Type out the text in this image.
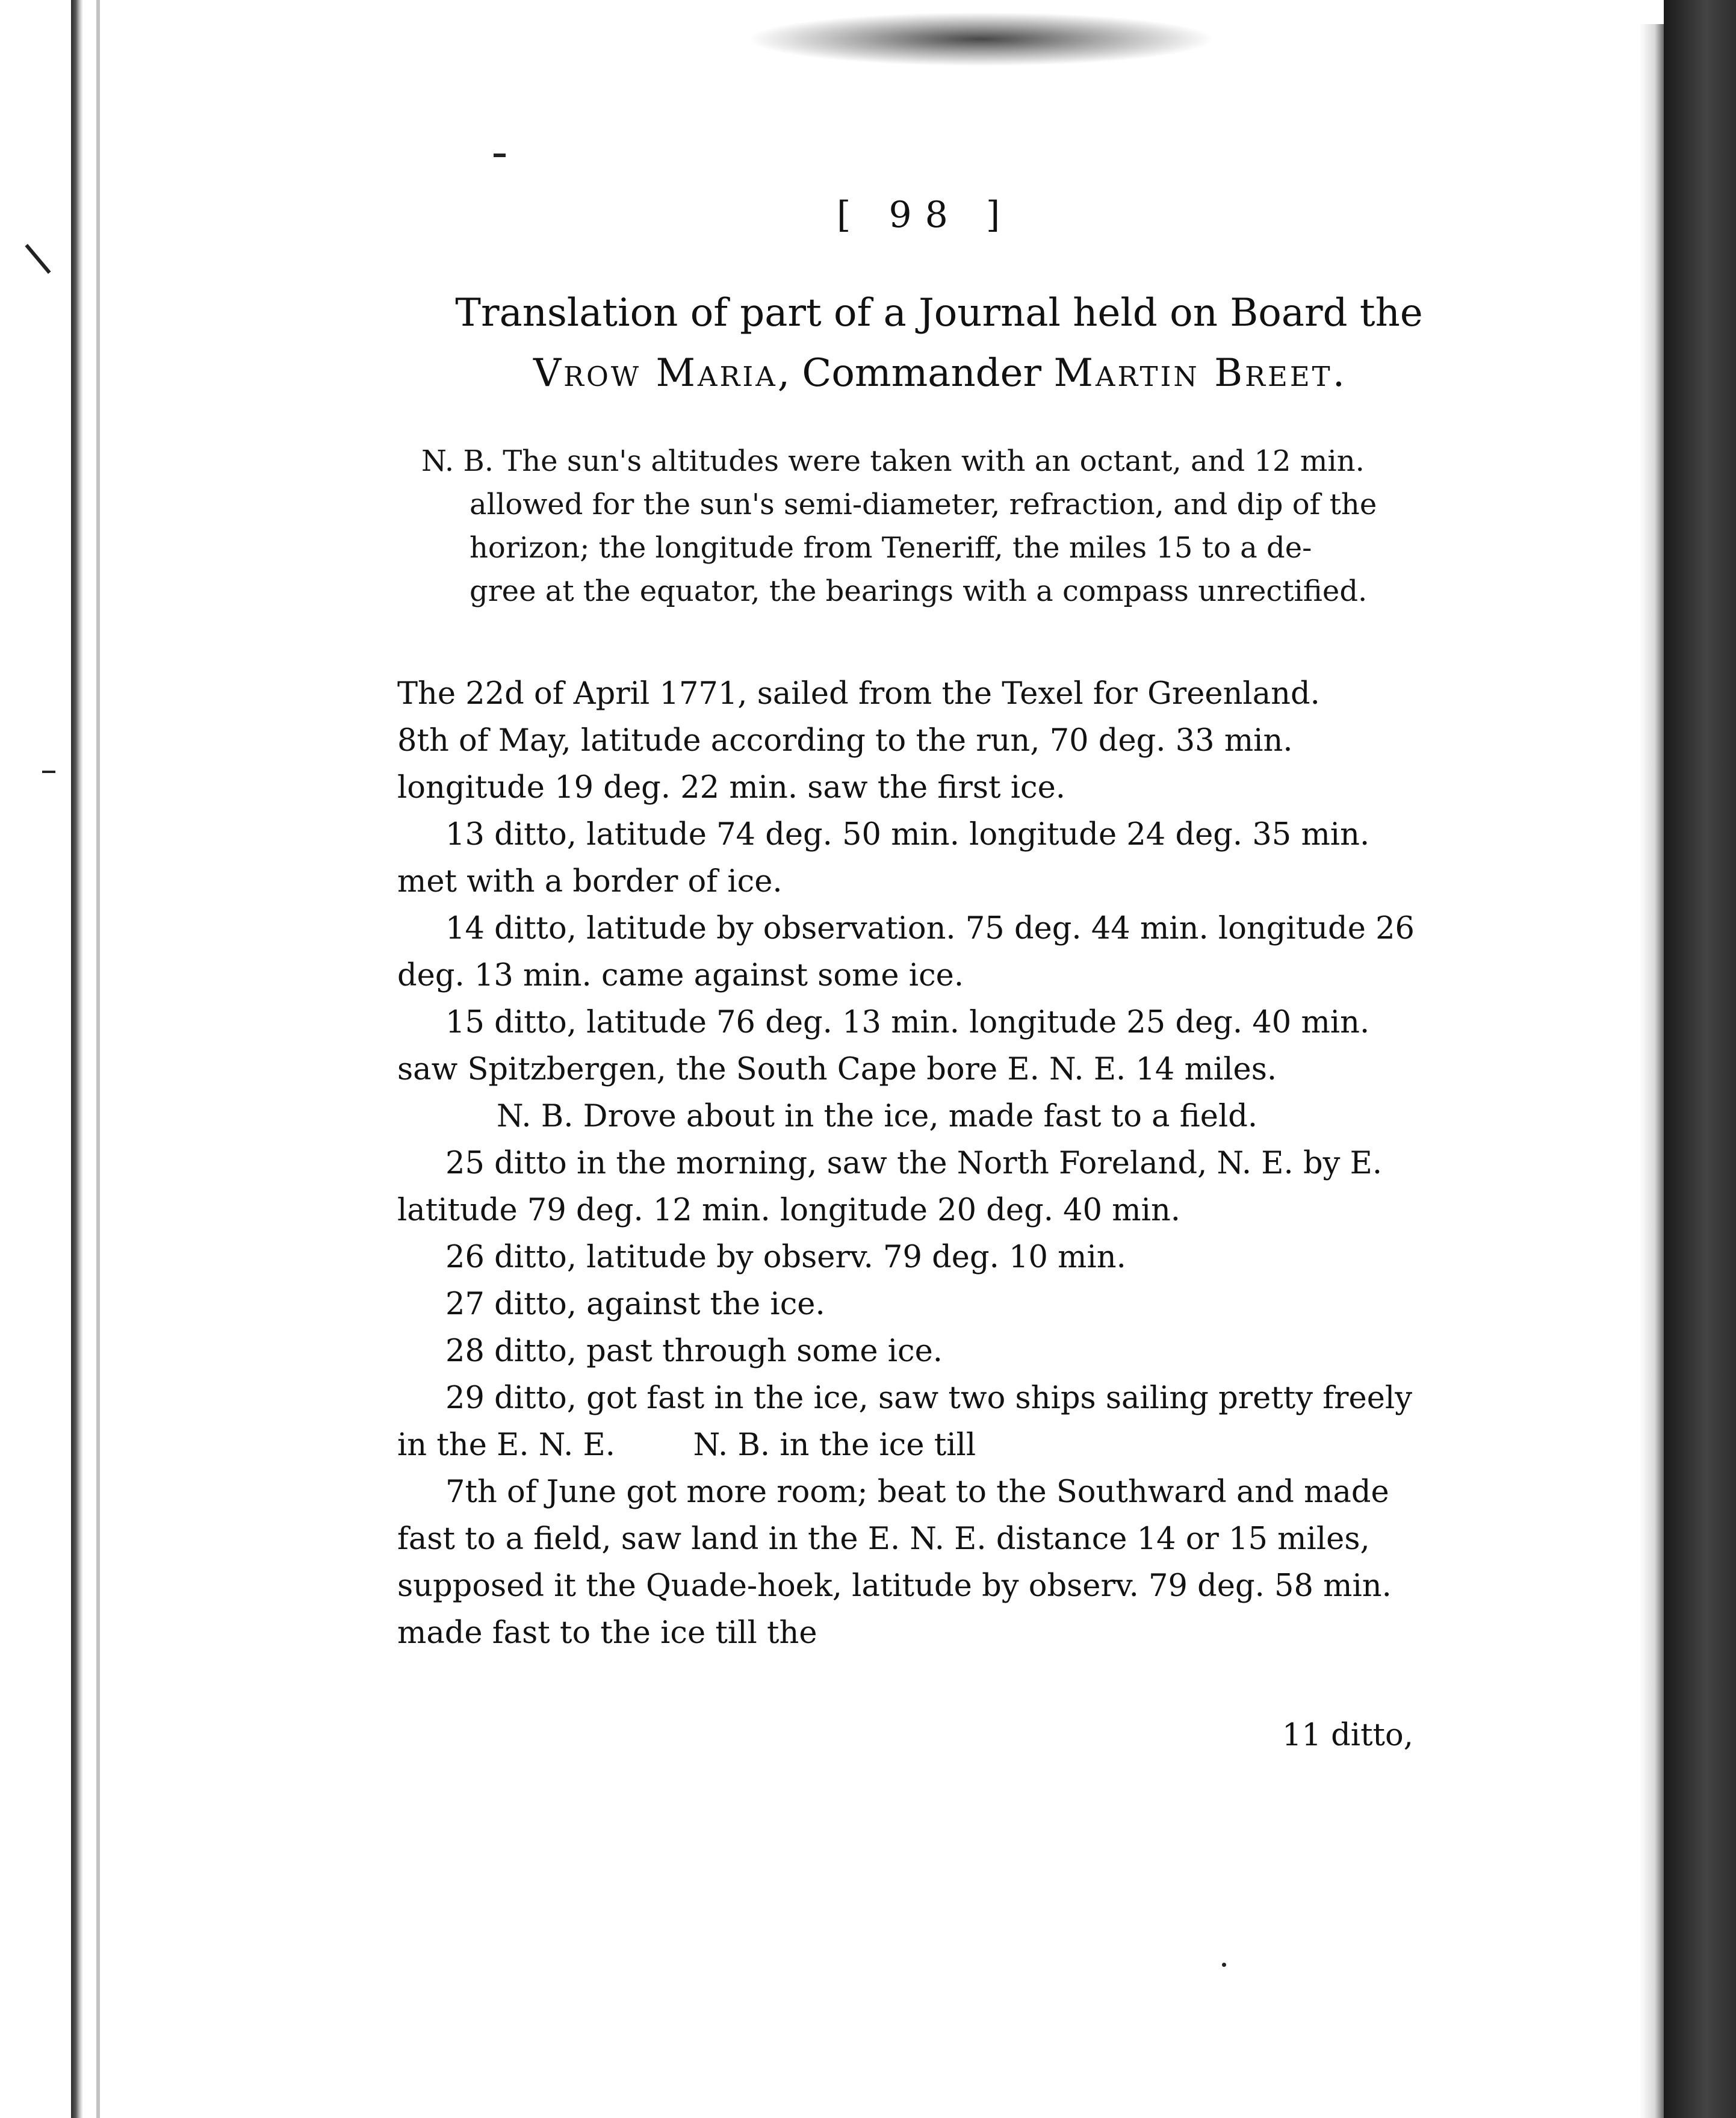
[ 98 ]
Translation of part of a Journal held on Board the
Vrow Maria, Commander Martin Breet.
N. B. The sun's altitudes were taken with an octant, and 12 min.
allowed for the sun's semi-diameter, refraction, and dip of the
horizon; the longitude from Teneriff, the miles 15 to a de-
gree at the equator, the bearings with a compass unrectified.
The 22d of April 1771, sailed from the Texel for Greenland.
8th of May, latitude according to the run, 70 deg. 33 min.
longitude 19 deg. 22 min. saw the first ice.
13 ditto, latitude 74 deg. 50 min. longitude 24 deg. 35 min.
met with a border of ice.
14 ditto, latitude by observation. 75 deg. 44 min. longitude 26
deg. 13 min. came against some ice.
15 ditto, latitude 76 deg. 13 min. longitude 25 deg. 40 min.
saw Spitzbergen, the South Cape bore E. N. E. 14 miles.
N. B. Drove about in the ice, made fast to a field.
25 ditto in the morning, saw the North Foreland, N. E. by E.
latitude 79 deg. 12 min. longitude 20 deg. 40 min.
26 ditto, latitude by observ. 79 deg. 10 min.
27 ditto, against the ice.
28 ditto, past through some ice.
29 ditto, got fast in the ice, saw two ships sailing pretty freely
in the E. N. E.        N. B. in the ice till
7th of June got more room; beat to the Southward and made
fast to a field, saw land in the E. N. E. distance 14 or 15 miles,
supposed it the Quade-hoek, latitude by observ. 79 deg. 58 min.
made fast to the ice till the
11 ditto,
